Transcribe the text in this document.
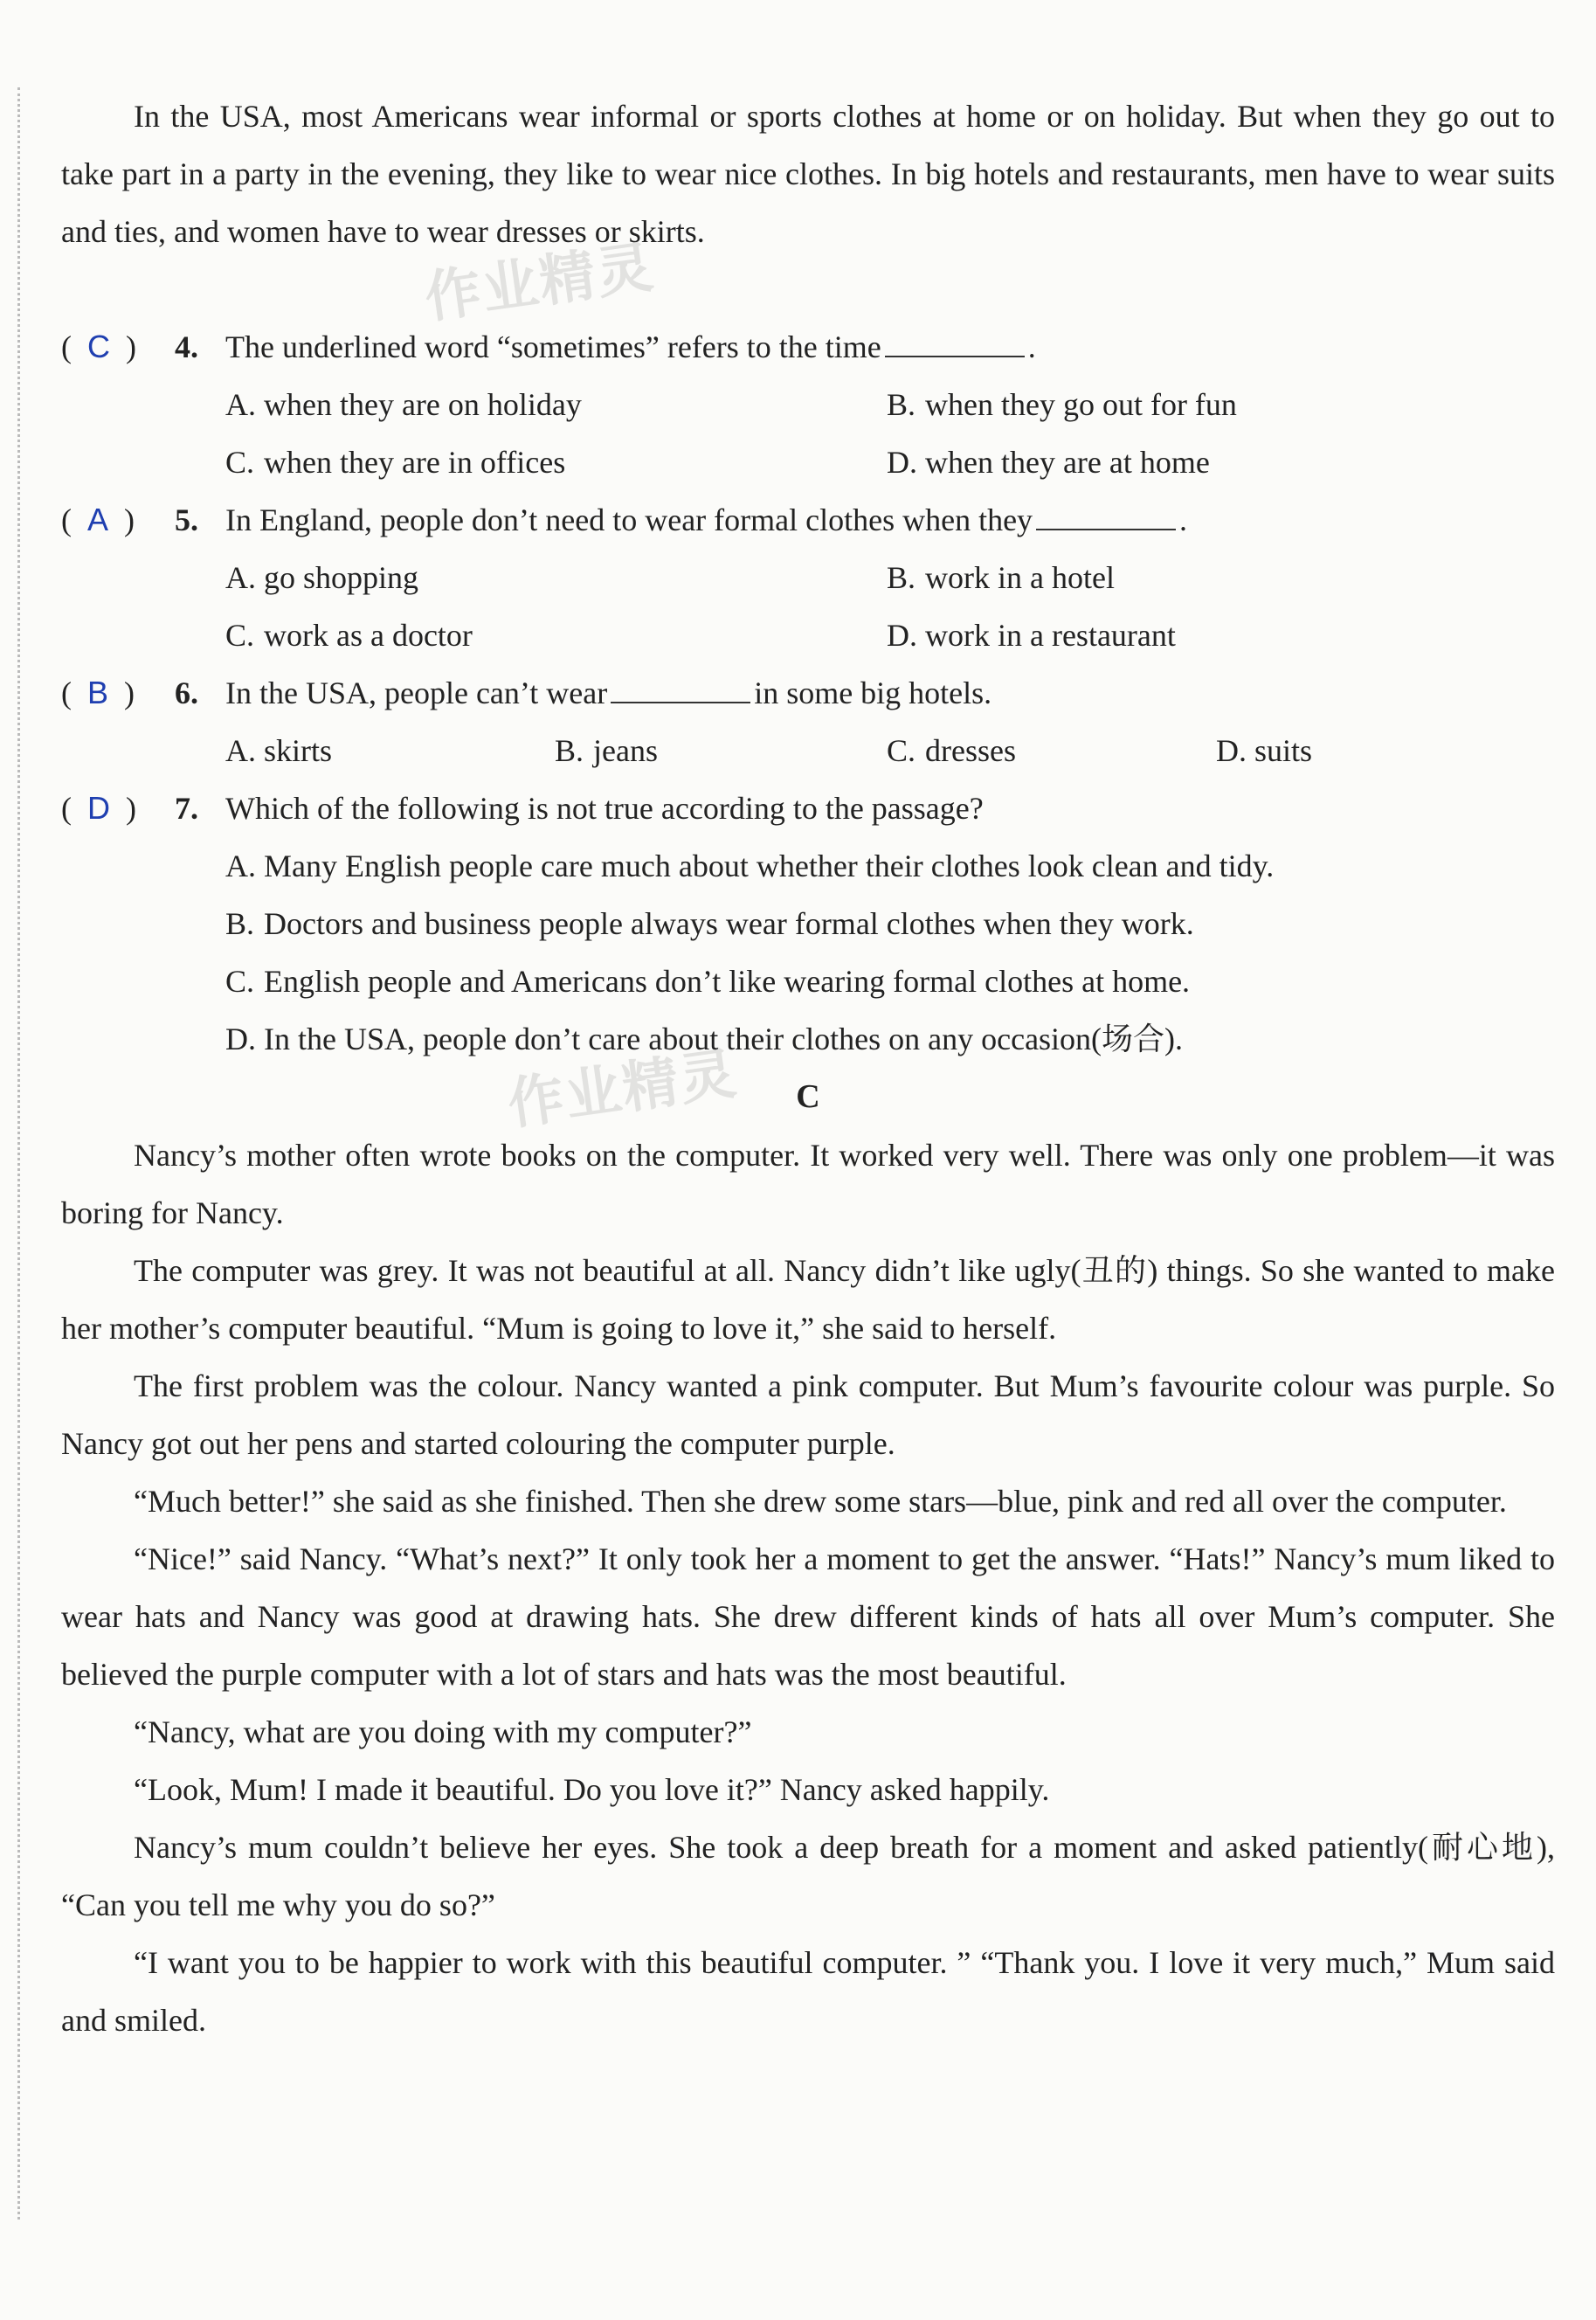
作业精灵
作业精灵

In the USA, most Americans wear informal or sports clothes at home or on holiday. But when they go out to take part in a party in the evening, they like to wear nice clothes. In big hotels and restaurants, men have to wear suits and ties, and women have to wear dresses or skirts.

(  C  ) 4. The underlined word “sometimes” refers to the time	.
A. when they are on holiday	B. when they go out for fun
C. when they are in offices	D. when they are at home
(  A  ) 5. In England, people don’t need to wear formal clothes when they	.
A. go shopping	B. work in a hotel
C. work as a doctor	D. work in a restaurant
(  B  ) 6. In the USA, people can’t wear	in some big hotels.
A. skirts	B. jeans	C. dresses	D. suits
(  D  ) 7. Which of the following is not true according to the passage?
A. Many English people care much about whether their clothes look clean and tidy.
B. Doctors and business people always wear formal clothes when they work.
C. English people and Americans don’t like wearing formal clothes at home.
D. In the USA, people don’t care about their clothes on any occasion(场合).
C

Nancy’s mother often wrote books on the computer. It worked very well. There was only one problem—it was boring for Nancy.

The computer was grey. It was not beautiful at all. Nancy didn’t like ugly(丑的) things. So she wanted to make her mother’s computer beautiful. “Mum is going to love it,” she said to herself.

The first problem was the colour. Nancy wanted a pink computer. But Mum’s favourite colour was purple. So Nancy got out her pens and started colouring the computer purple.

“Much better!” she said as she finished. Then she drew some stars—blue, pink and red all over the computer.

“Nice!” said Nancy. “What’s next?” It only took her a moment to get the answer. “Hats!” Nancy’s mum liked to wear hats and Nancy was good at drawing hats. She drew different kinds of hats all over Mum’s computer. She believed the purple computer with a lot of stars and hats was the most beautiful.

“Nancy, what are you doing with my computer?”

“Look, Mum! I made it beautiful. Do you love it?” Nancy asked happily.

Nancy’s mum couldn’t believe her eyes. She took a deep breath for a moment and asked patiently(耐心地), “Can you tell me why you do so?”

“I want you to be happier to work with this beautiful computer. ” “Thank you. I love it very much,” Mum said and smiled.
